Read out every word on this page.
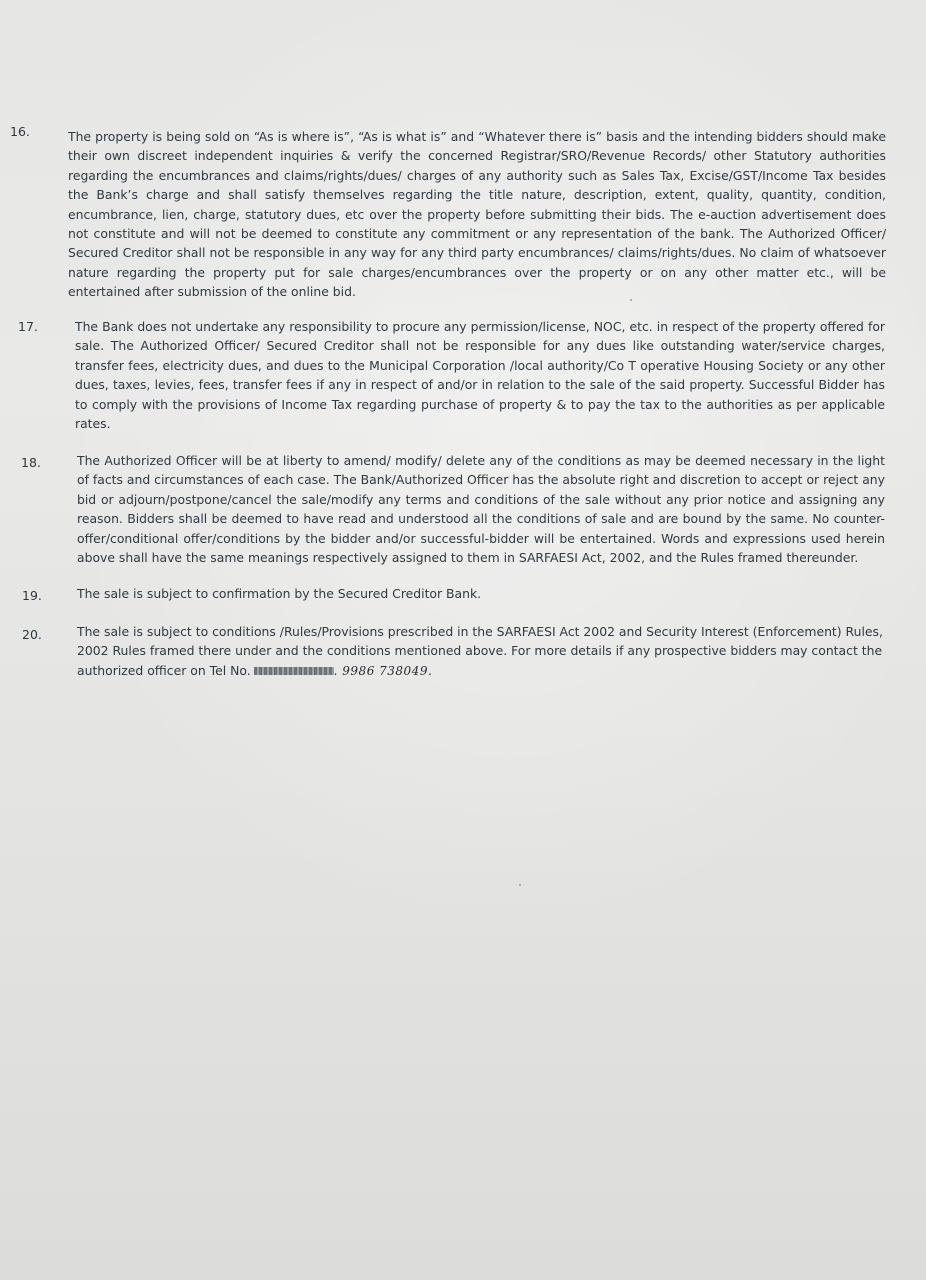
16.	The property is being sold on “As is where is”, “As is what is” and “Whatever there is” basis and the intending bidders should make their own discreet independent inquiries & verify the concerned Registrar/SRO/Revenue Records/ other Statutory authorities regarding the encumbrances and claims/rights/dues/ charges of any authority such as Sales Tax, Excise/GST/Income Tax besides the Bank’s charge and shall satisfy themselves regarding the title nature, description, extent, quality, quantity, condition, encumbrance, lien, charge, statutory dues, etc over the property before submitting their bids. The e-auction advertisement does not constitute and will not be deemed to constitute any commitment or any representation of the bank. The Authorized Officer/ Secured Creditor shall not be responsible in any way for any third party encumbrances/ claims/rights/dues. No claim of whatsoever nature regarding the property put for sale charges/encumbrances over the property or on any other matter etc., will be entertained after submission of the online bid.

17.	The Bank does not undertake any responsibility to procure any permission/license, NOC, etc. in respect of the property offered for sale. The Authorized Officer/ Secured Creditor shall not be responsible for any dues like outstanding water/service charges, transfer fees, electricity dues, and dues to the Municipal Corporation /local authority/Co T operative Housing Society or any other dues, taxes, levies, fees, transfer fees if any in respect of and/or in relation to the sale of the said property. Successful Bidder has to comply with the provisions of Income Tax regarding purchase of property & to pay the tax to the authorities as per applicable rates.

18.	The Authorized Officer will be at liberty to amend/ modify/ delete any of the conditions as may be deemed necessary in the light of facts and circumstances of each case. The Bank/Authorized Officer has the absolute right and discretion to accept or reject any bid or adjourn/postpone/cancel the sale/modify any terms and conditions of the sale without any prior notice and assigning any reason. Bidders shall be deemed to have read and understood all the conditions of sale and are bound by the same. No counter-offer/conditional offer/conditions by the bidder and/or successful-bidder will be entertained. Words and expressions used herein above shall have the same meanings respectively assigned to them in SARFAESI Act, 2002, and the Rules framed thereunder.

19.	The sale is subject to confirmation by the Secured Creditor Bank.

20.	The sale is subject to conditions /Rules/Provisions prescribed in the SARFAESI Act 2002 and Security Interest (Enforcement) Rules, 2002 Rules framed there under and the conditions mentioned above. For more details if any prospective bidders may contact the authorized officer on Tel No.	. 9986 738049.
